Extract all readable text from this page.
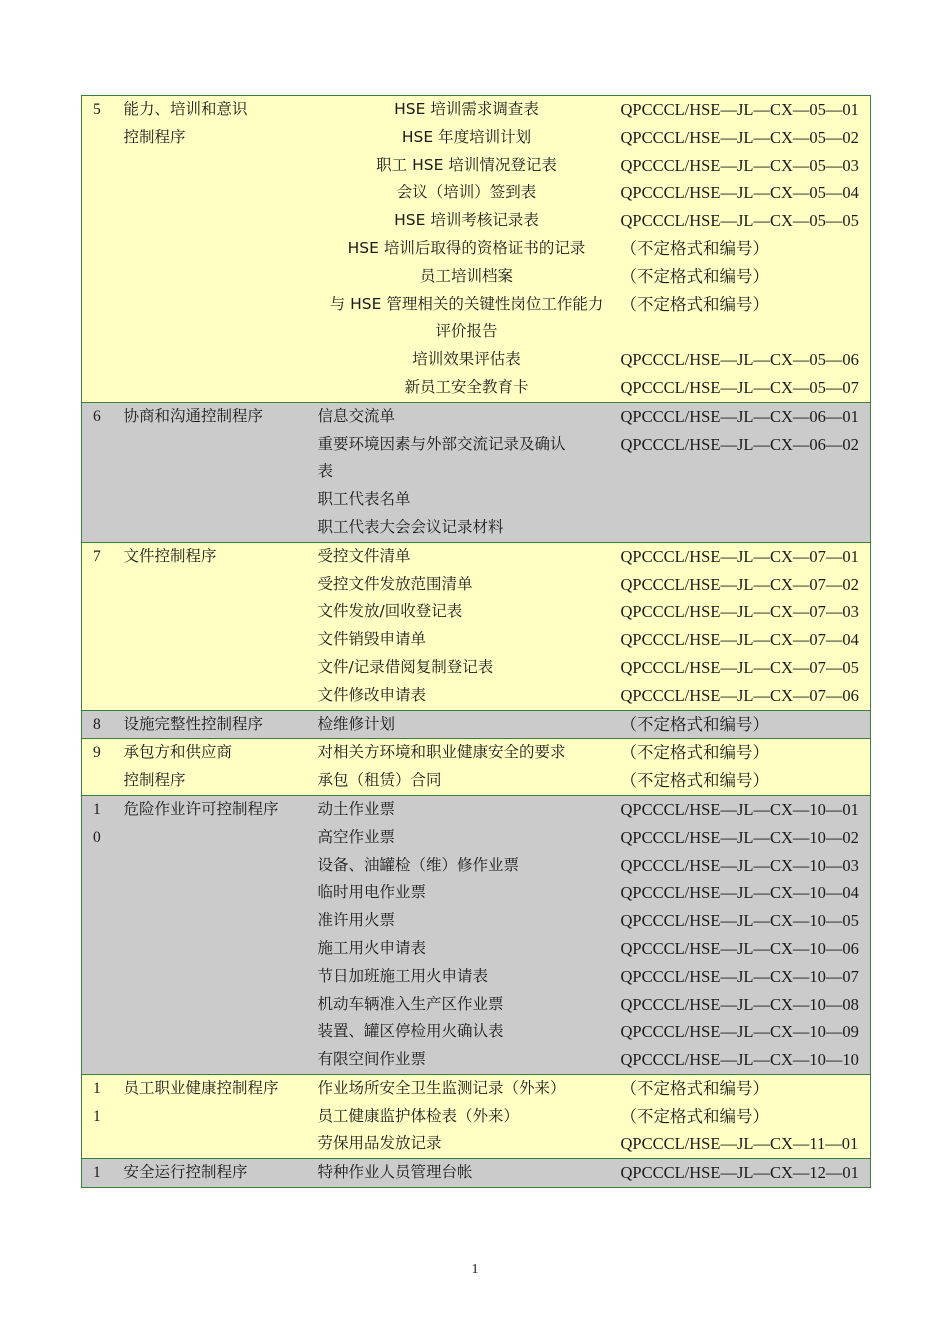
5	能力、培训和意识	HSE 培训需求调查表	QPCCCL/HSE—JL—CX—05—01

	控制程序	HSE 年度培训计划	QPCCCL/HSE—JL—CX—05—02

		职工 HSE 培训情况登记表	QPCCCL/HSE—JL—CX—05—03

		会议（培训）签到表	QPCCCL/HSE—JL—CX—05—04

		HSE 培训考核记录表	QPCCCL/HSE—JL—CX—05—05

		HSE 培训后取得的资格证书的记录	（不定格式和编号）

		员工培训档案	（不定格式和编号）

		与 HSE 管理相关的关键性岗位工作能力	（不定格式和编号）

		评价报告	

		培训效果评估表	QPCCCL/HSE—JL—CX—05—06

		新员工安全教育卡	QPCCCL/HSE—JL—CX—05—07

6	协商和沟通控制程序	信息交流单	QPCCCL/HSE—JL—CX—06—01

		重要环境因素与外部交流记录及确认	QPCCCL/HSE—JL—CX—06—02

		表	

		职工代表名单	

		职工代表大会会议记录材料	

7	文件控制程序	受控文件清单	QPCCCL/HSE—JL—CX—07—01

		受控文件发放范围清单	QPCCCL/HSE—JL—CX—07—02

		文件发放/回收登记表	QPCCCL/HSE—JL—CX—07—03

		文件销毁申请单	QPCCCL/HSE—JL—CX—07—04

		文件/记录借阅复制登记表	QPCCCL/HSE—JL—CX—07—05

		文件修改申请表	QPCCCL/HSE—JL—CX—07—06

8	设施完整性控制程序	检维修计划	（不定格式和编号）

9	承包方和供应商	对相关方环境和职业健康安全的要求	（不定格式和编号）

	控制程序	承包（租赁）合同	（不定格式和编号）

1	危险作业许可控制程序	动土作业票	QPCCCL/HSE—JL—CX—10—01

0		高空作业票	QPCCCL/HSE—JL—CX—10—02

		设备、油罐检（维）修作业票	QPCCCL/HSE—JL—CX—10—03

		临时用电作业票	QPCCCL/HSE—JL—CX—10—04

		准许用火票	QPCCCL/HSE—JL—CX—10—05

		施工用火申请表	QPCCCL/HSE—JL—CX—10—06

		节日加班施工用火申请表	QPCCCL/HSE—JL—CX—10—07

		机动车辆准入生产区作业票	QPCCCL/HSE—JL—CX—10—08

		装置、罐区停检用火确认表	QPCCCL/HSE—JL—CX—10—09

		有限空间作业票	QPCCCL/HSE—JL—CX—10—10

1	员工职业健康控制程序	作业场所安全卫生监测记录（外来）	（不定格式和编号）

1		员工健康监护体检表（外来）	（不定格式和编号）

		劳保用品发放记录	QPCCCL/HSE—JL—CX—11—01

1	安全运行控制程序	特种作业人员管理台帐	QPCCCL/HSE—JL—CX—12—01
1
